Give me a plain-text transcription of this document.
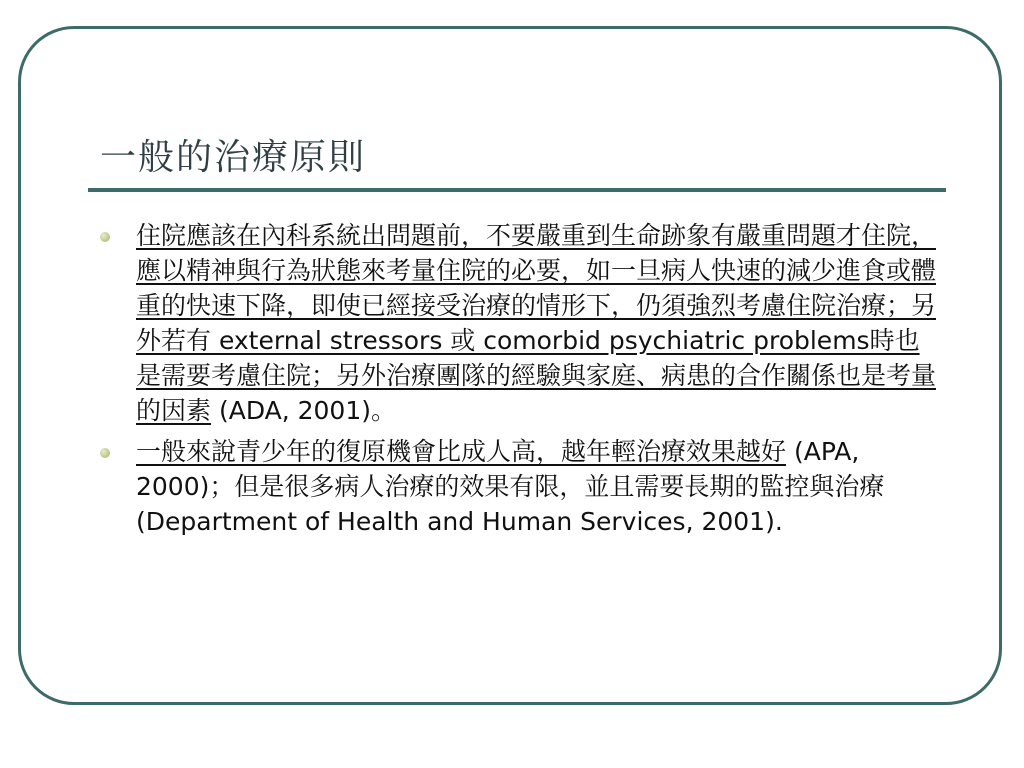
一般的治療原則
住院應該在內科系統出問題前，不要嚴重到生命跡象有嚴重問題才住院，應以精神與行為狀態來考量住院的必要，如一旦病人快速的減少進食或體重的快速下降，即使已經接受治療的情形下，仍須強烈考慮住院治療；另外若有 external stressors 或 comorbid psychiatric problems時也是需要考慮住院；另外治療團隊的經驗與家庭、病患的合作關係也是考量的因素 (ADA, 2001)。
一般來說青少年的復原機會比成人高，越年輕治療效果越好 (APA, 2000)；但是很多病人治療的效果有限，並且需要長期的監控與治療 (Department of Health and Human Services, 2001).
